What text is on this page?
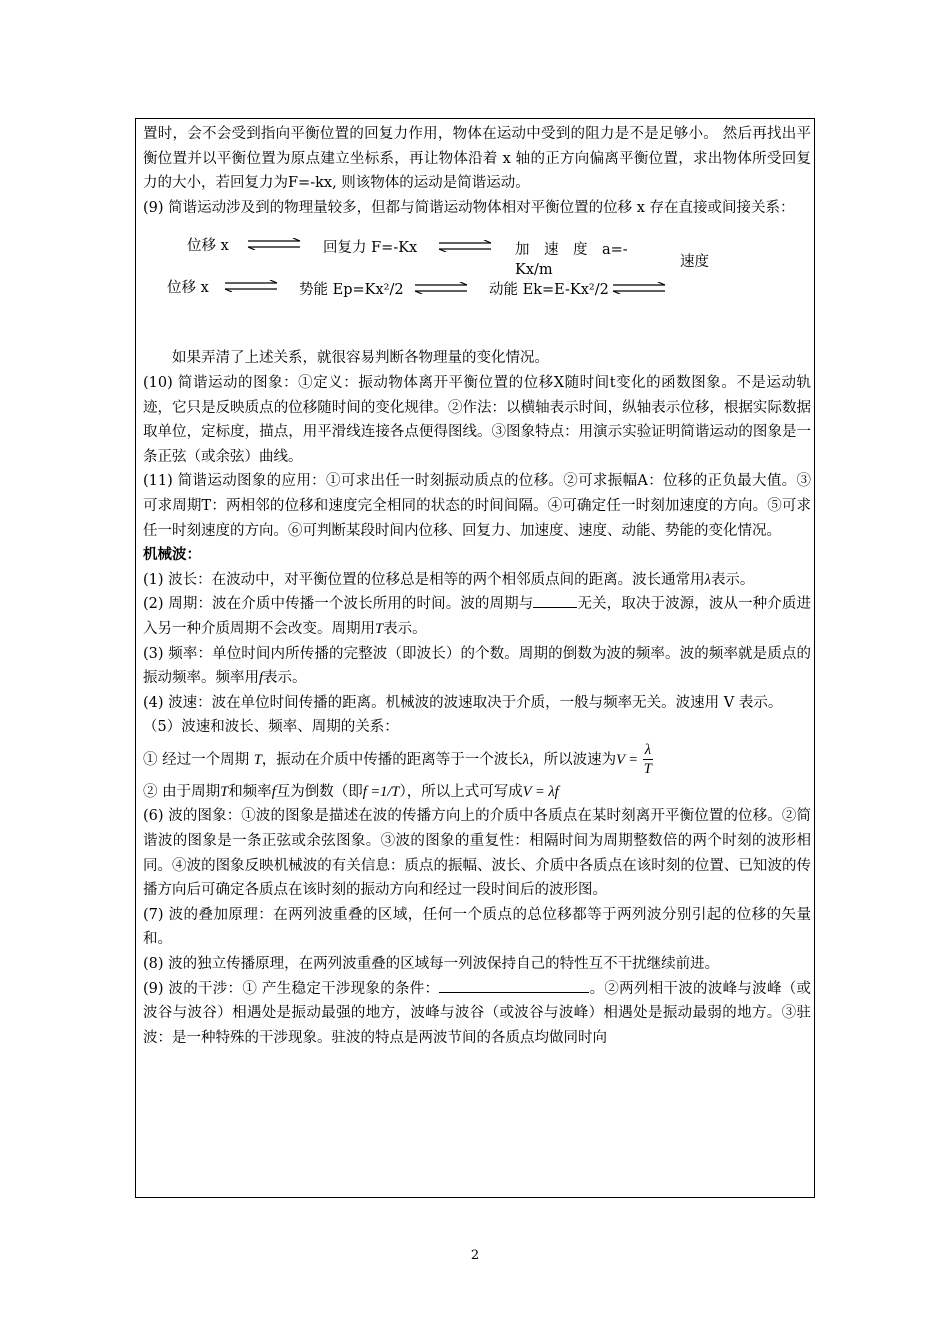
置时，会不会受到指向平衡位置的回复力作用，物体在运动中受到的阻力是不是足够小。 然后再找出平衡位置并以平衡位置为原点建立坐标系，再让物体沿着 x 轴的正方向偏离平衡位置，求出物体所受回复力的大小，若回复力为F=-kx, 则该物体的运动是简谐运动。

(9) 简谐运动涉及到的物理量较多，但都与简谐运动物体相对平衡位置的位移 x 存在直接或间接关系：

位移 x	回复力 F=-Kx	加　速　度　a=-
Kx/m	速度
位移 x	势能 Ep=Kx²/2	动能 Ek=E-Kx²/2

如果弄清了上述关系，就很容易判断各物理量的变化情况。

(10) 简谐运动的图象：①定义：振动物体离开平衡位置的位移X随时间t变化的函数图象。不是运动轨迹，它只是反映质点的位移随时间的变化规律。②作法：以横轴表示时间，纵轴表示位移，根据实际数据取单位，定标度，描点，用平滑线连接各点便得图线。③图象特点：用演示实验证明简谐运动的图象是一条正弦（或余弦）曲线。

(11) 简谐运动图象的应用：①可求出任一时刻振动质点的位移。②可求振幅A：位移的正负最大值。③可求周期T：两相邻的位移和速度完全相同的状态的时间间隔。④可确定任一时刻加速度的方向。⑤可求任一时刻速度的方向。⑥可判断某段时间内位移、回复力、加速度、速度、动能、势能的变化情况。

机械波：

(1) 波长：在波动中，对平衡位置的位移总是相等的两个相邻质点间的距离。波长通常用λ表示。

(2) 周期：波在介质中传播一个波长所用的时间。波的周期与	无关，取决于波源，波从一种介质进入另一种介质周期不会改变。周期用T表示。

(3) 频率：单位时间内所传播的完整波（即波长）的个数。周期的倒数为波的频率。波的频率就是质点的振动频率。频率用f表示。

(4) 波速：波在单位时间传播的距离。机械波的波速取决于介质，一般与频率无关。波速用 V 表示。

（5）波速和波长、频率、周期的关系：

① 经过一个周期 T，振动在介质中传播的距离等于一个波长λ，所以波速为$V = \frac{\lambda}{T}$

② 由于周期T和频率f互为倒数（即f =1/T），所以上式可写成V = λf

(6) 波的图象：①波的图象是描述在波的传播方向上的介质中各质点在某时刻离开平衡位置的位移。②简谐波的图象是一条正弦或余弦图象。③波的图象的重复性：相隔时间为周期整数倍的两个时刻的波形相同。④波的图象反映机械波的有关信息：质点的振幅、波长、介质中各质点在该时刻的位置、已知波的传播方向后可确定各质点在该时刻的振动方向和经过一段时间后的波形图。

(7) 波的叠加原理：在两列波重叠的区域，任何一个质点的总位移都等于两列波分别引起的位移的矢量和。

(8) 波的独立传播原理，在两列波重叠的区域每一列波保持自己的特性互不干扰继续前进。

(9) 波的干涉：① 产生稳定干涉现象的条件：	。②两列相干波的波峰与波峰（或波谷与波谷）相遇处是振动最强的地方，波峰与波谷（或波谷与波峰）相遇处是振动最弱的地方。③驻波：是一种特殊的干涉现象。驻波的特点是两波节间的各质点均做同时向

2
